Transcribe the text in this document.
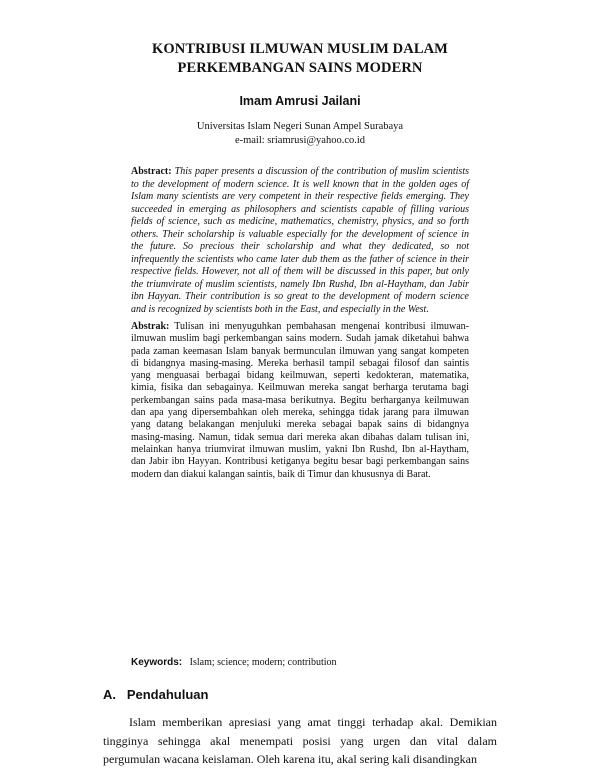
KONTRIBUSI ILMUWAN MUSLIM DALAM
PERKEMBANGAN SAINS MODERN
Imam Amrusi Jailani
Universitas Islam Negeri Sunan Ampel Surabaya
e-mail: sriamrusi@yahoo.co.id
Abstract: This paper presents a discussion of the contribution of muslim scientists to the development of modern science. It is well known that in the golden ages of Islam many scientists are very competent in their respective fields emerging. They succeeded in emerging as philosophers and scientists capable of filling various fields of science, such as medicine, mathematics, chemistry, physics, and so forth others. Their scholarship is valuable especially for the development of science in the future. So precious their scholarship and what they dedicated, so not infrequently the scientists who came later dub them as the father of science in their respective fields. However, not all of them will be discussed in this paper, but only the triumvirate of muslim scientists, namely Ibn Rushd, Ibn al-Haytham, dan Jabir ibn Hayyan. Their contribution is so great to the development of modern science and is recognized by scientists both in the East, and especially in the West.
Abstrak: Tulisan ini menyuguhkan pembahasan mengenai kontribusi ilmuwan-ilmuwan muslim bagi perkembangan sains modern. Sudah jamak diketahui bahwa pada zaman keemasan Islam banyak bermunculan ilmuwan yang sangat kompeten di bidangnya masing-masing. Mereka berhasil tampil sebagai filosof dan saintis yang menguasai berbagai bidang keilmuwan, seperti kedokteran, matematika, kimia, fisika dan sebagainya. Keilmuwan mereka sangat berharga terutama bagi perkembangan sains pada masa-masa berikutnya. Begitu berharganya keilmuwan dan apa yang dipersembahkan oleh mereka, sehingga tidak jarang para ilmuwan yang datang belakangan menjuluki mereka sebagai bapak sains di bidangnya masing-masing. Namun, tidak semua dari mereka akan dibahas dalam tulisan ini, melainkan hanya triumvirat ilmuwan muslim, yakni Ibn Rushd, Ibn al-Haytham, dan Jabir ibn Hayyan. Kontribusi ketiganya begitu besar bagi perkembangan sains modern dan diakui kalangan saintis, baik di Timur dan khususnya di Barat.
Keywords: Islam; science; modern; contribution
A. Pendahuluan

Islam memberikan apresiasi yang amat tinggi terhadap akal. Demikian tingginya sehingga akal menempati posisi yang urgen dan vital dalam pergumulan wacana keislaman. Oleh karena itu, akal sering kali disandingkan
